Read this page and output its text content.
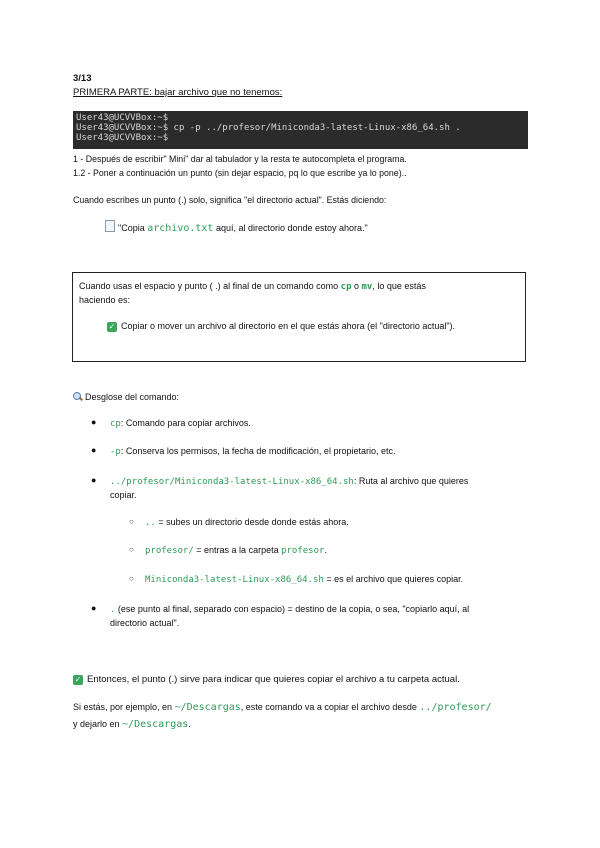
3/13
PRIMERA PARTE: bajar archivo que no tenemos:
User43@UCVVBox:~$
User43@UCVVBox:~$ cp -p ../profesor/Miniconda3-latest-Linux-x86_64.sh .
User43@UCVVBox:~$
1 - Después de escribir" Mini" dar al tabulador y la resta te autocompleta el programa.
1.2 - Poner a continuación un punto (sin dejar espacio, pq lo que escribe ya lo pone)..
Cuando escribes un punto (.) solo, significa "el directorio actual". Estás diciendo:
"Copia archivo.txt aquí, al directorio donde estoy ahora."
Cuando usas el espacio y punto ( .) al final de un comando como cp o mv, lo que estás
haciendo es:
✓ Copiar o mover un archivo al directorio en el que estás ahora (el "directorio actual").
Desglose del comando:
● cp: Comando para copiar archivos.
● -p: Conserva los permisos, la fecha de modificación, el propietario, etc.
● ../profesor/Miniconda3-latest-Linux-x86_64.sh: Ruta al archivo que quieres
copiar.
○ .. = subes un directorio desde donde estás ahora.
○ profesor/ = entras a la carpeta profesor.
○ Miniconda3-latest-Linux-x86_64.sh = es el archivo que quieres copiar.
● . (ese punto al final, separado con espacio) = destino de la copia, o sea, "copiarlo aquí, al
directorio actual".
✓ Entonces, el punto (.) sirve para indicar que quieres copiar el archivo a tu carpeta actual.
Si estás, por ejemplo, en ~/Descargas, este comando va a copiar el archivo desde ../profesor/
y dejarlo en ~/Descargas.
